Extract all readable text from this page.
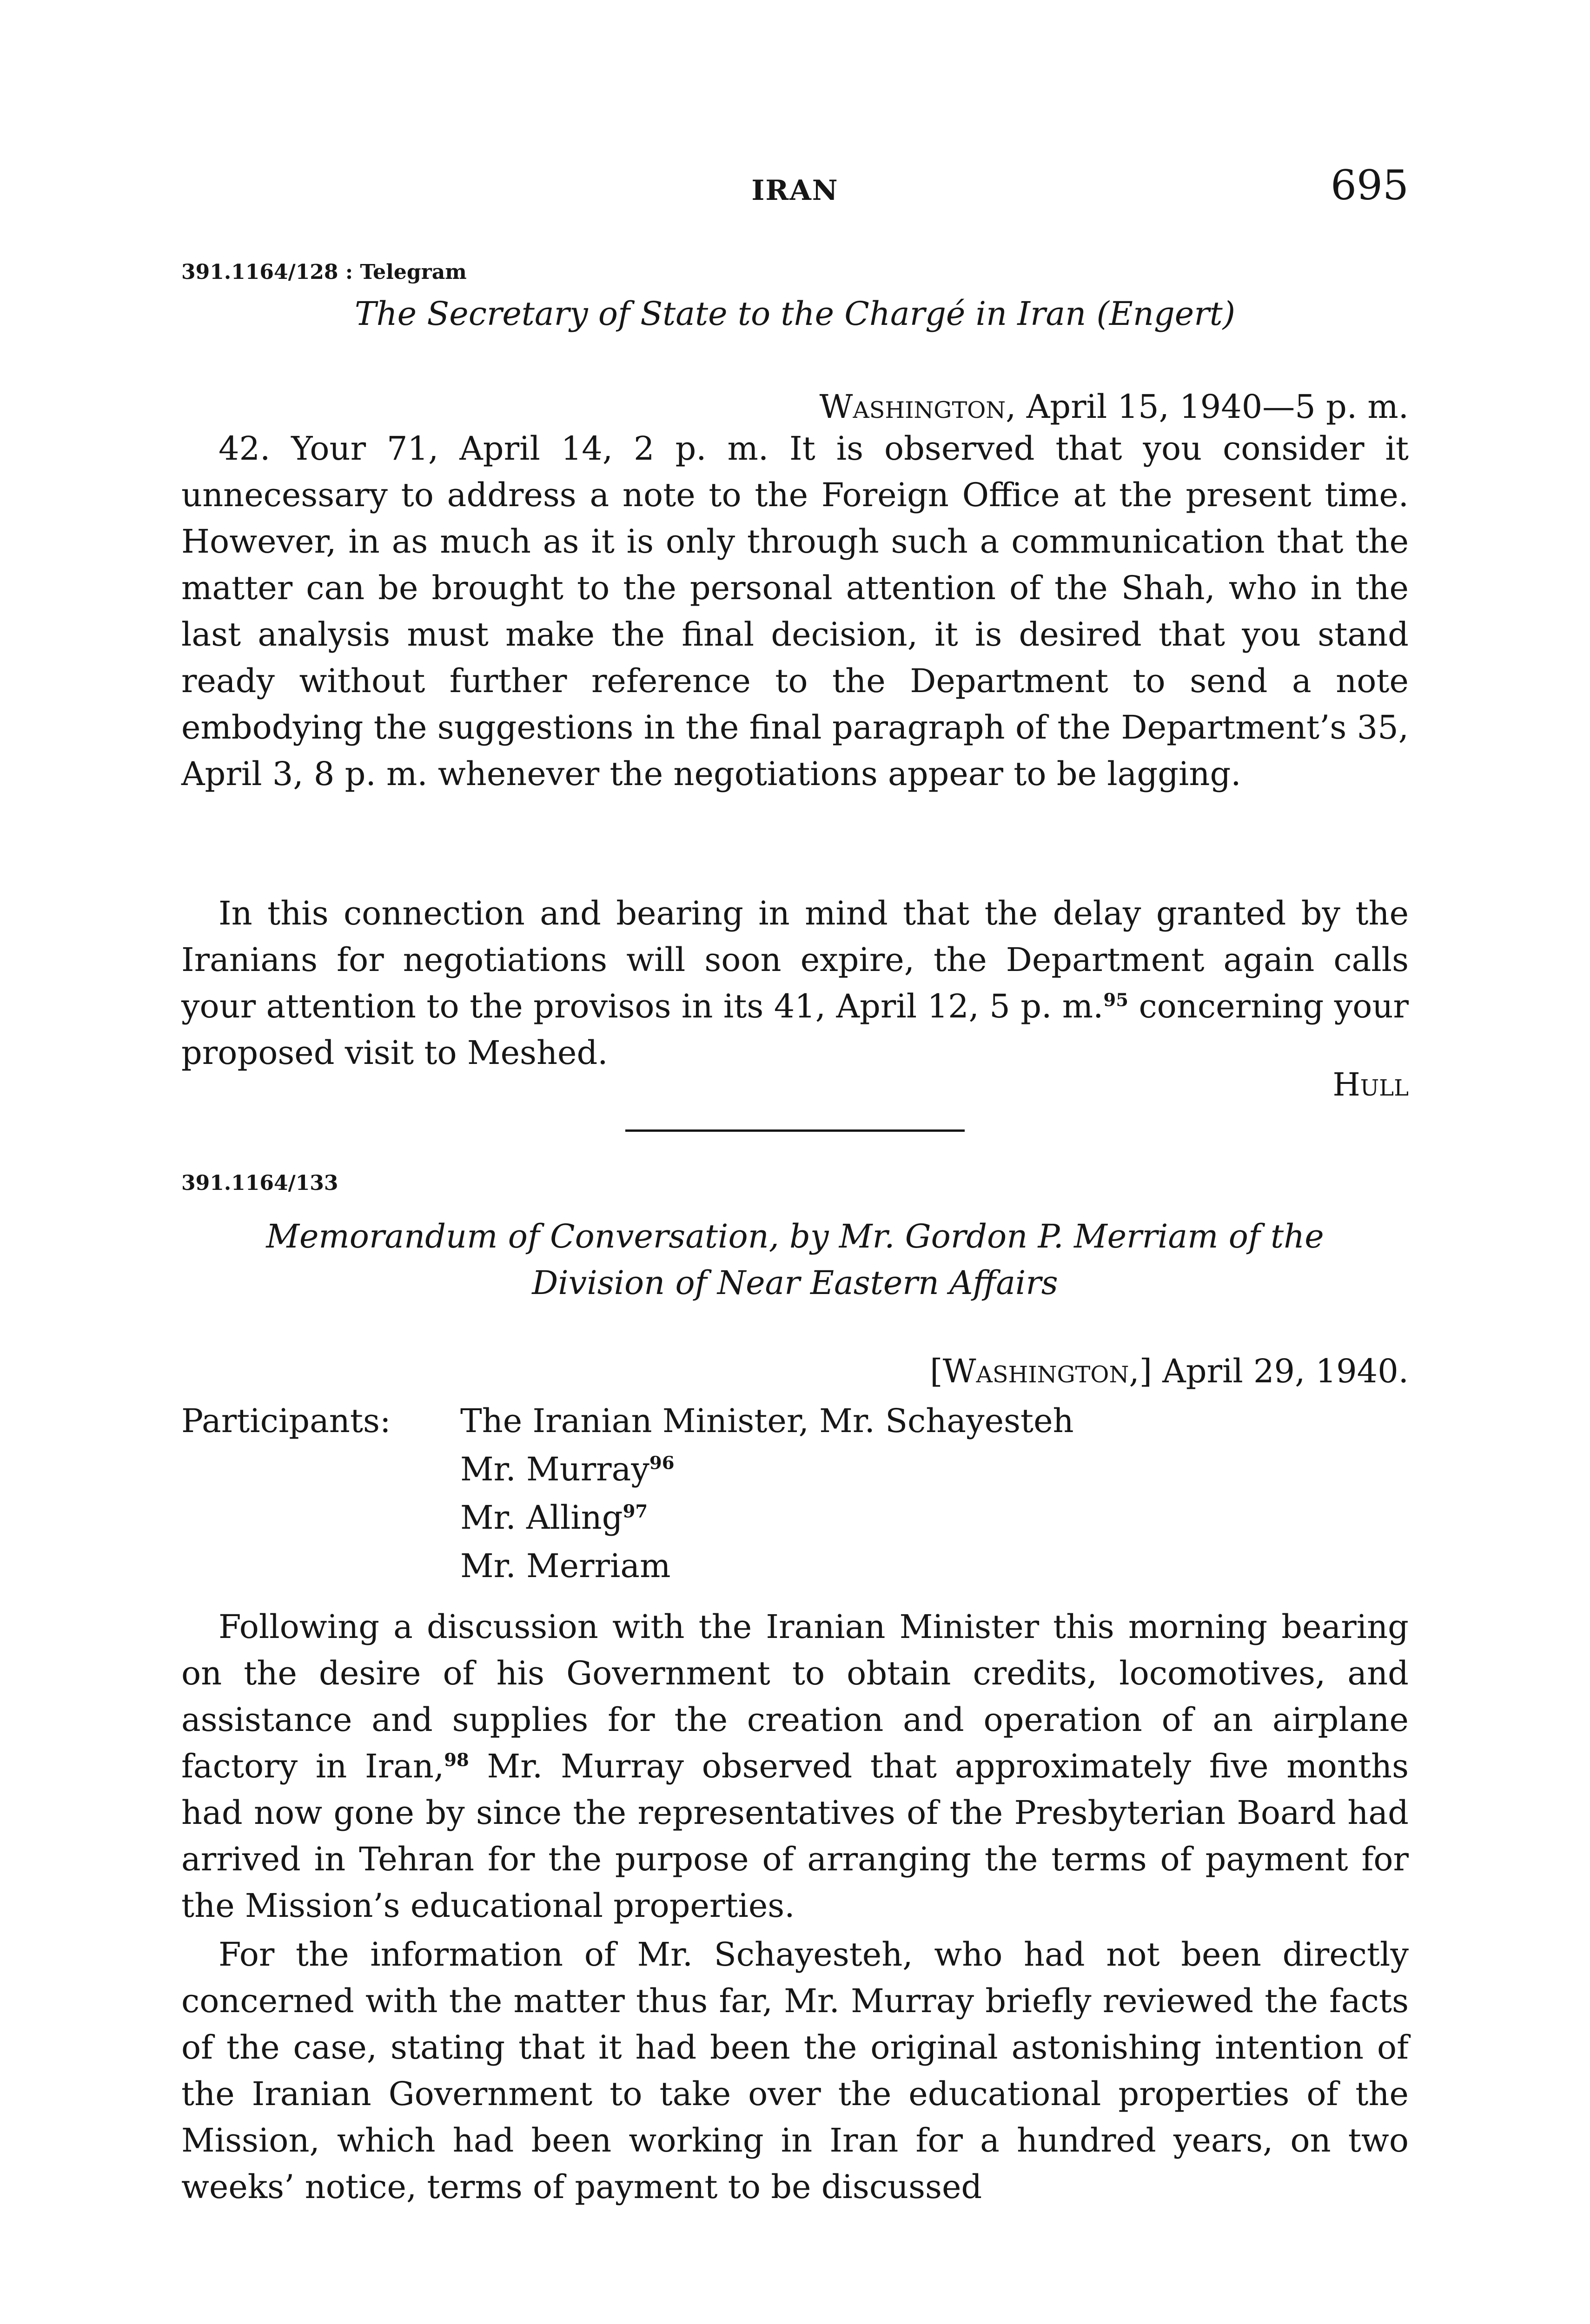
IRAN	695
391.1164/128 : Telegram
The Secretary of State to the Chargé in Iran (Engert)
Washington, April 15, 1940—5 p. m.

42. Your 71, April 14, 2 p. m. It is observed that you consider it unnecessary to address a note to the Foreign Office at the present time. However, in as much as it is only through such a communication that the matter can be brought to the personal attention of the Shah, who in the last analysis must make the final decision, it is desired that you stand ready without further reference to the Department to send a note embodying the suggestions in the final paragraph of the Department’s 35, April 3, 8 p. m. whenever the negotiations appear to be lagging.

In this connection and bearing in mind that the delay granted by the Iranians for negotiations will soon expire, the Department again calls your attention to the provisos in its 41, April 12, 5 p. m.$^{95}$ concerning your proposed visit to Meshed.

Hull
391.1164/133
Memorandum of Conversation, by Mr. Gordon P. Merriam of the
Division of Near Eastern Affairs
[Washington,] April 29, 1940.
Participants: The Iranian Minister, Mr. Schayesteh
Mr. Murray$^{96}$
Mr. Alling$^{97}$
Mr. Merriam

Following a discussion with the Iranian Minister this morning bearing on the desire of his Government to obtain credits, locomotives, and assistance and supplies for the creation and operation of an airplane factory in Iran,$^{98}$ Mr. Murray observed that approximately five months had now gone by since the representatives of the Presbyterian Board had arrived in Tehran for the purpose of arranging the terms of payment for the Mission’s educational properties.

For the information of Mr. Schayesteh, who had not been directly concerned with the matter thus far, Mr. Murray briefly reviewed the facts of the case, stating that it had been the original astonishing intention of the Iranian Government to take over the educational properties of the Mission, which had been working in Iran for a hundred years, on two weeks’ notice, terms of payment to be discussed
